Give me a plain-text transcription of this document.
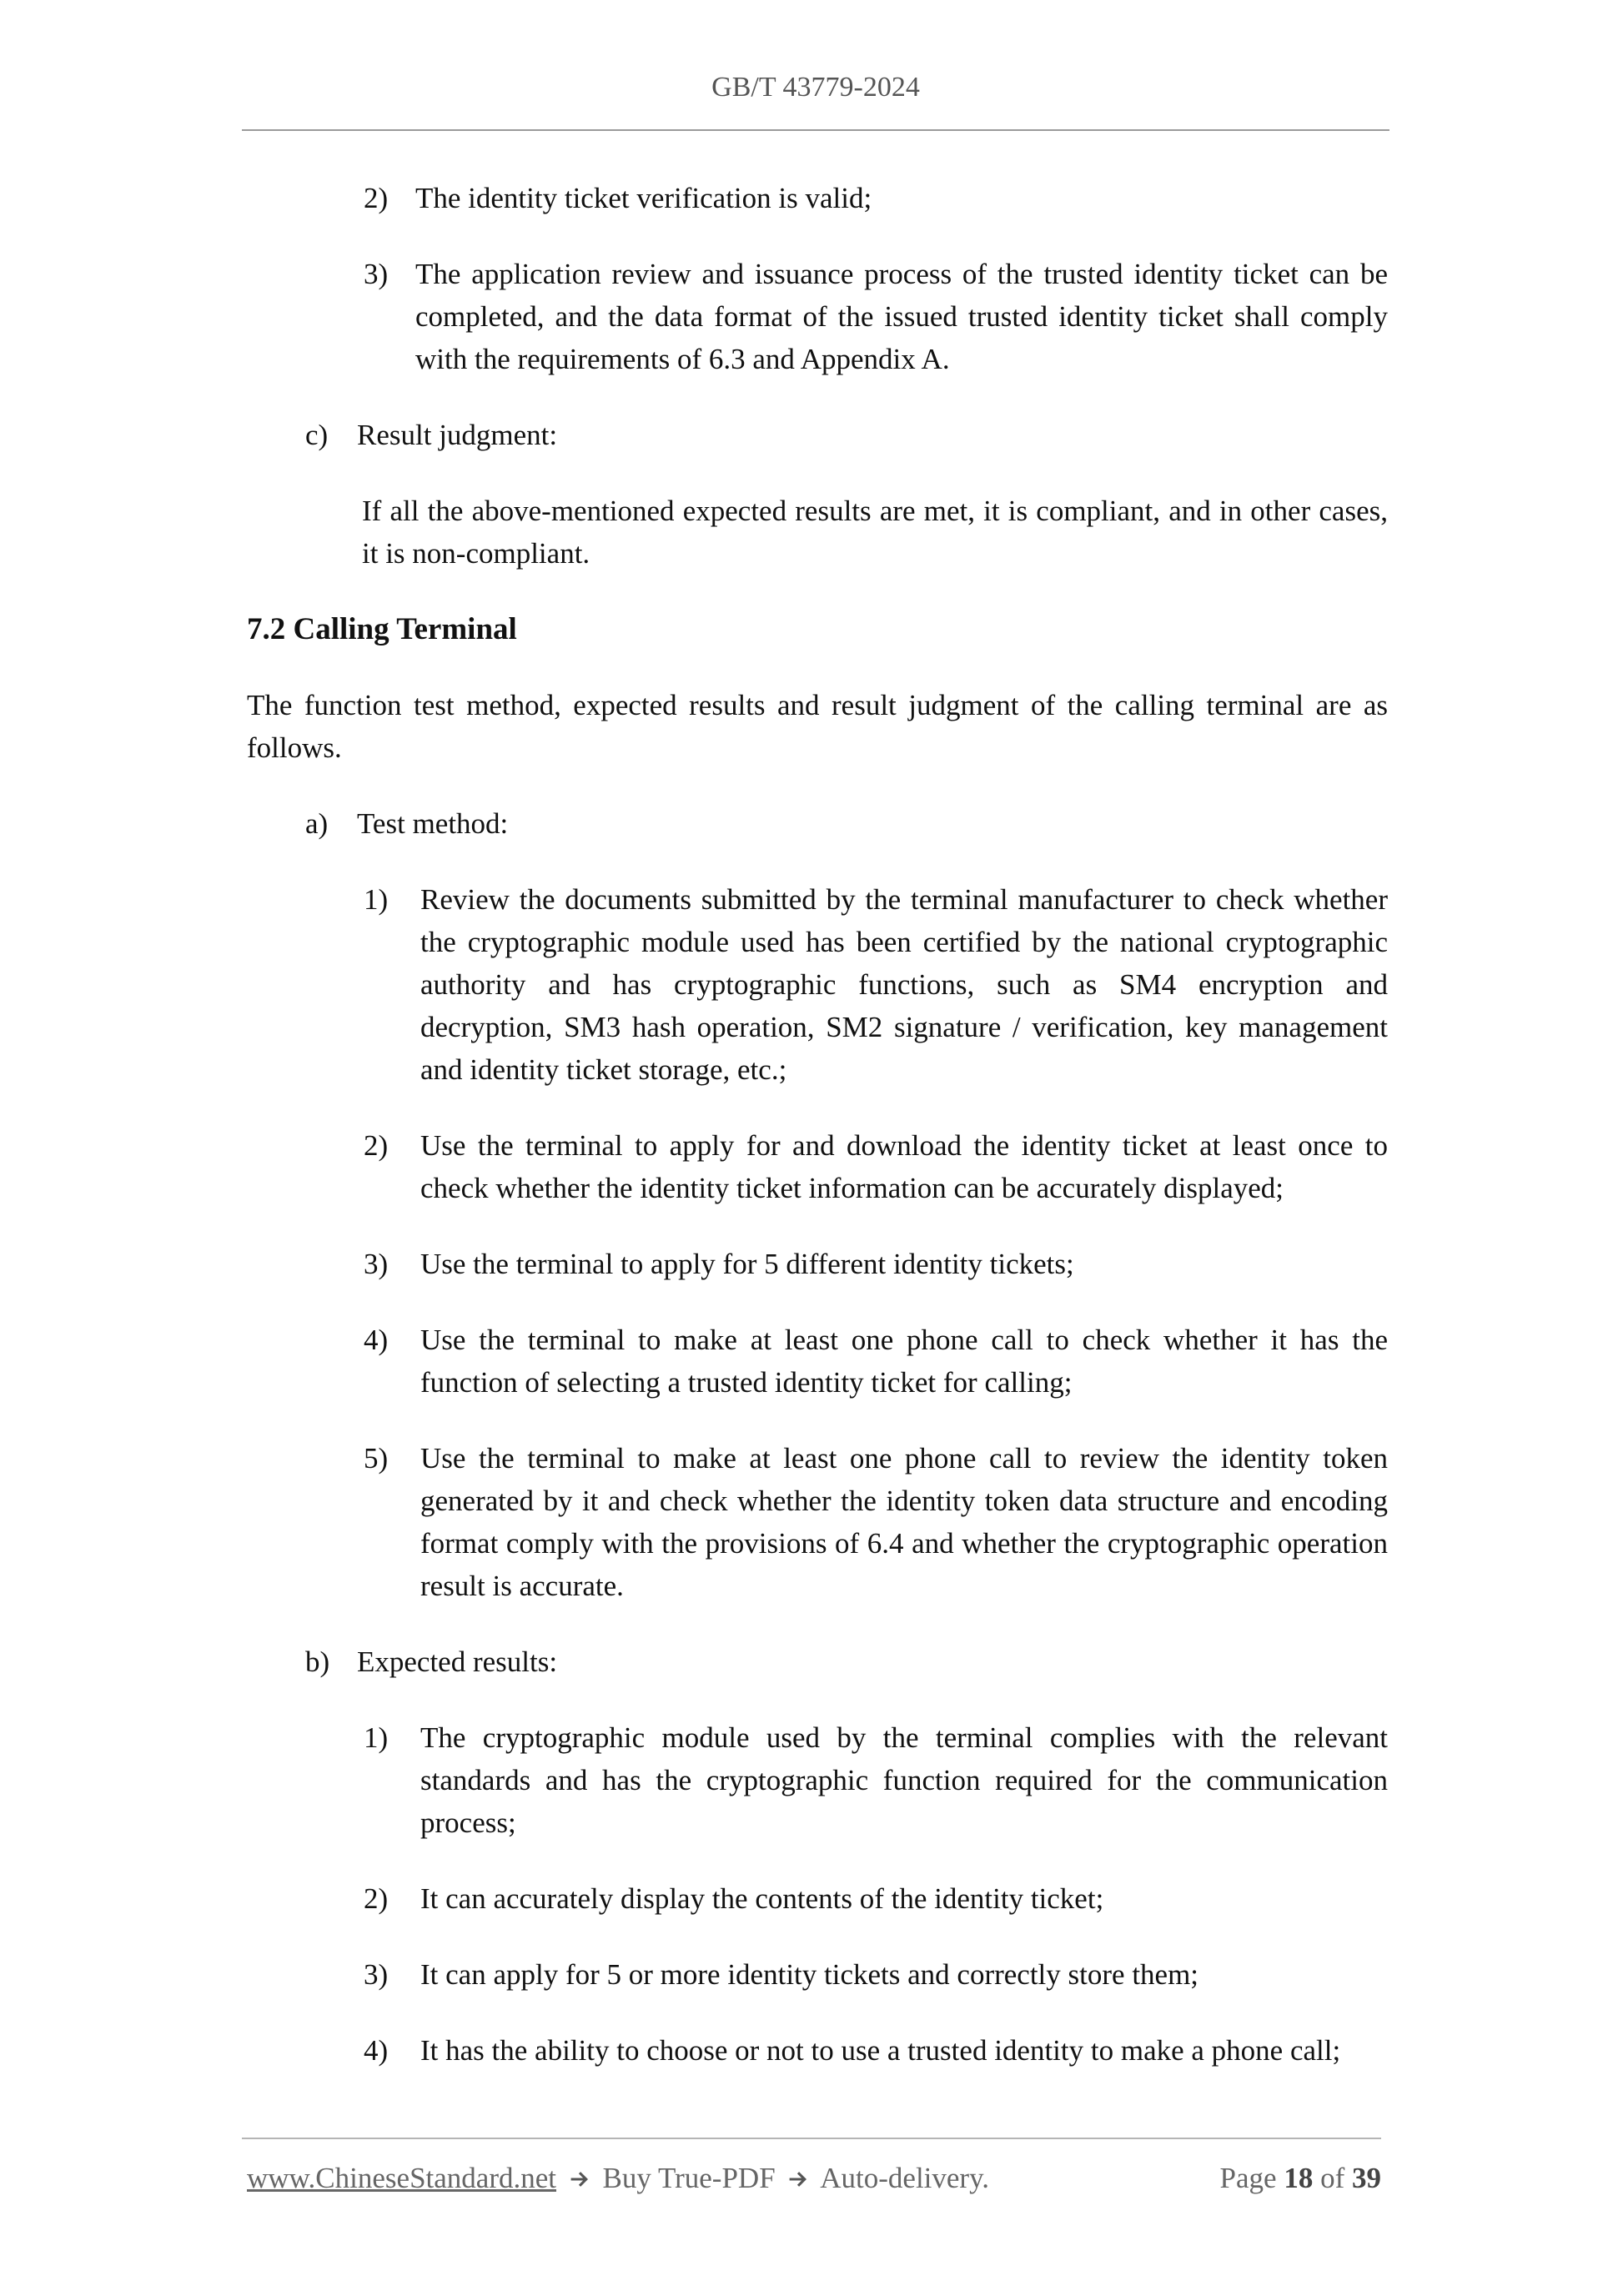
GB/T 43779-2024
2) The identity ticket verification is valid;
3) The application review and issuance process of the trusted identity ticket can be completed, and the data format of the issued trusted identity ticket shall comply with the requirements of 6.3 and Appendix A.
c) Result judgment:
If all the above-mentioned expected results are met, it is compliant, and in other cases, it is non-compliant.
7.2 Calling Terminal
The function test method, expected results and result judgment of the calling terminal are as follows.
a) Test method:
1) Review the documents submitted by the terminal manufacturer to check whether the cryptographic module used has been certified by the national cryptographic authority and has cryptographic functions, such as SM4 encryption and decryption, SM3 hash operation, SM2 signature / verification, key management and identity ticket storage, etc.;
2) Use the terminal to apply for and download the identity ticket at least once to check whether the identity ticket information can be accurately displayed;
3) Use the terminal to apply for 5 different identity tickets;
4) Use the terminal to make at least one phone call to check whether it has the function of selecting a trusted identity ticket for calling;
5) Use the terminal to make at least one phone call to review the identity token generated by it and check whether the identity token data structure and encoding format comply with the provisions of 6.4 and whether the cryptographic operation result is accurate.
b) Expected results:
1) The cryptographic module used by the terminal complies with the relevant standards and has the cryptographic function required for the communication process;
2) It can accurately display the contents of the identity ticket;
3) It can apply for 5 or more identity tickets and correctly store them;
4) It has the ability to choose or not to use a trusted identity to make a phone call;
www.ChineseStandard.net Buy True-PDF Auto-delivery.	Page 18 of 39
